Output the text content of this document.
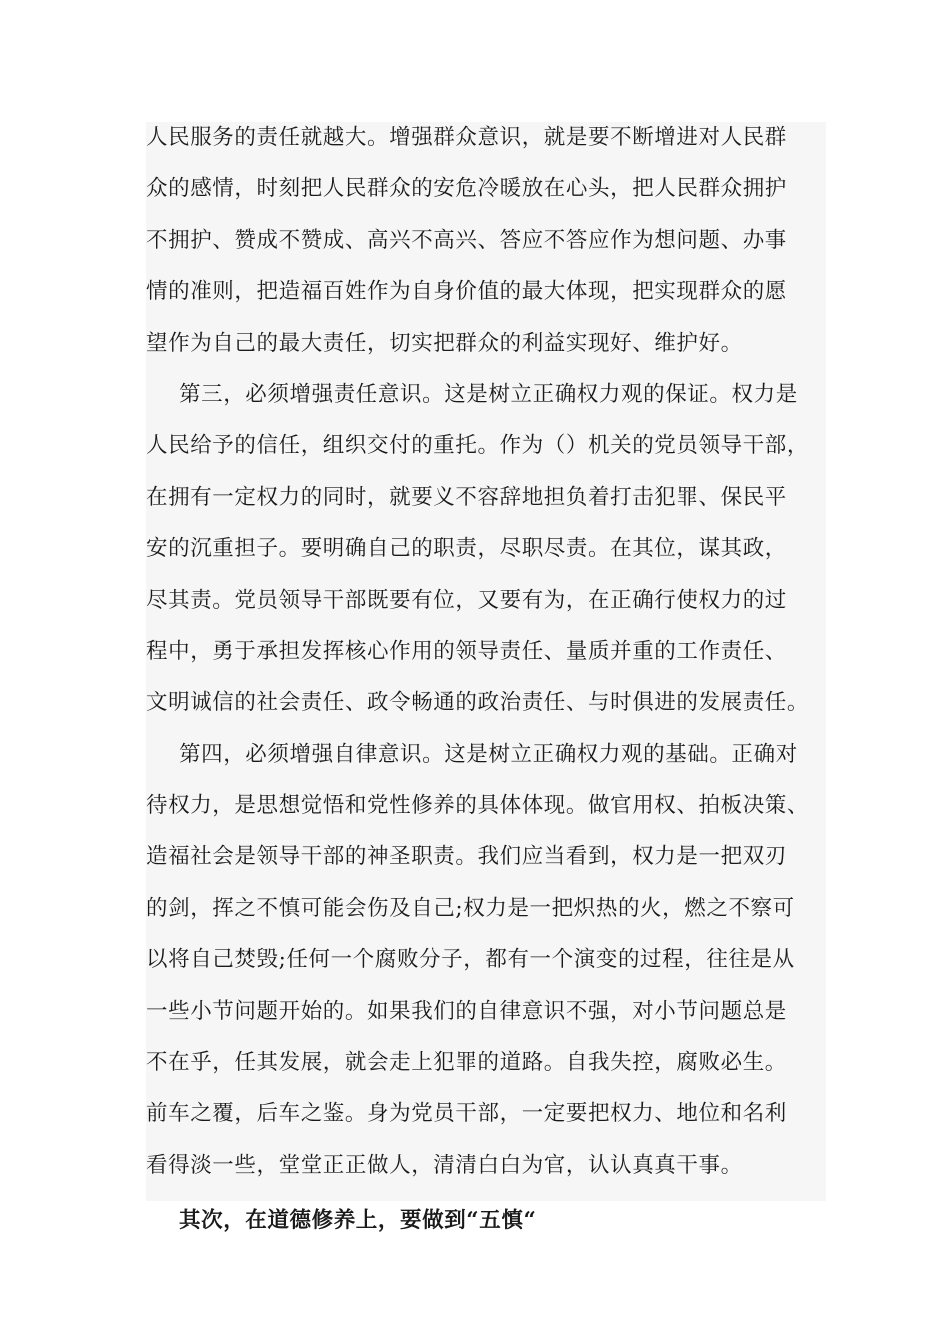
人民服务的责任就越大。增强群众意识，就是要不断增进对人民群
众的感情，时刻把人民群众的安危冷暖放在心头，把人民群众拥护
不拥护、赞成不赞成、高兴不高兴、答应不答应作为想问题、办事
情的准则，把造福百姓作为自身价值的最大体现，把实现群众的愿
望作为自己的最大责任，切实把群众的利益实现好、维护好。
第三，必须增强责任意识。这是树立正确权力观的保证。权力是
人民给予的信任，组织交付的重托。作为（）机关的党员领导干部，
在拥有一定权力的同时，就要义不容辞地担负着打击犯罪、保民平
安的沉重担子。要明确自己的职责，尽职尽责。在其位，谋其政，
尽其责。党员领导干部既要有位，又要有为，在正确行使权力的过
程中，勇于承担发挥核心作用的领导责任、量质并重的工作责任、
文明诚信的社会责任、政令畅通的政治责任、与时俱进的发展责任。
第四，必须增强自律意识。这是树立正确权力观的基础。正确对
待权力，是思想觉悟和党性修养的具体体现。做官用权、拍板决策、
造福社会是领导干部的神圣职责。我们应当看到，权力是一把双刃
的剑，挥之不慎可能会伤及自己;权力是一把炽热的火，燃之不察可
以将自己焚毁;任何一个腐败分子，都有一个演变的过程，往往是从
一些小节问题开始的。如果我们的自律意识不强，对小节问题总是
不在乎，任其发展，就会走上犯罪的道路。自我失控，腐败必生。
前车之覆，后车之鉴。身为党员干部，一定要把权力、地位和名利
看得淡一些，堂堂正正做人，清清白白为官，认认真真干事。
其次，在道德修养上，要做到“五慎“
